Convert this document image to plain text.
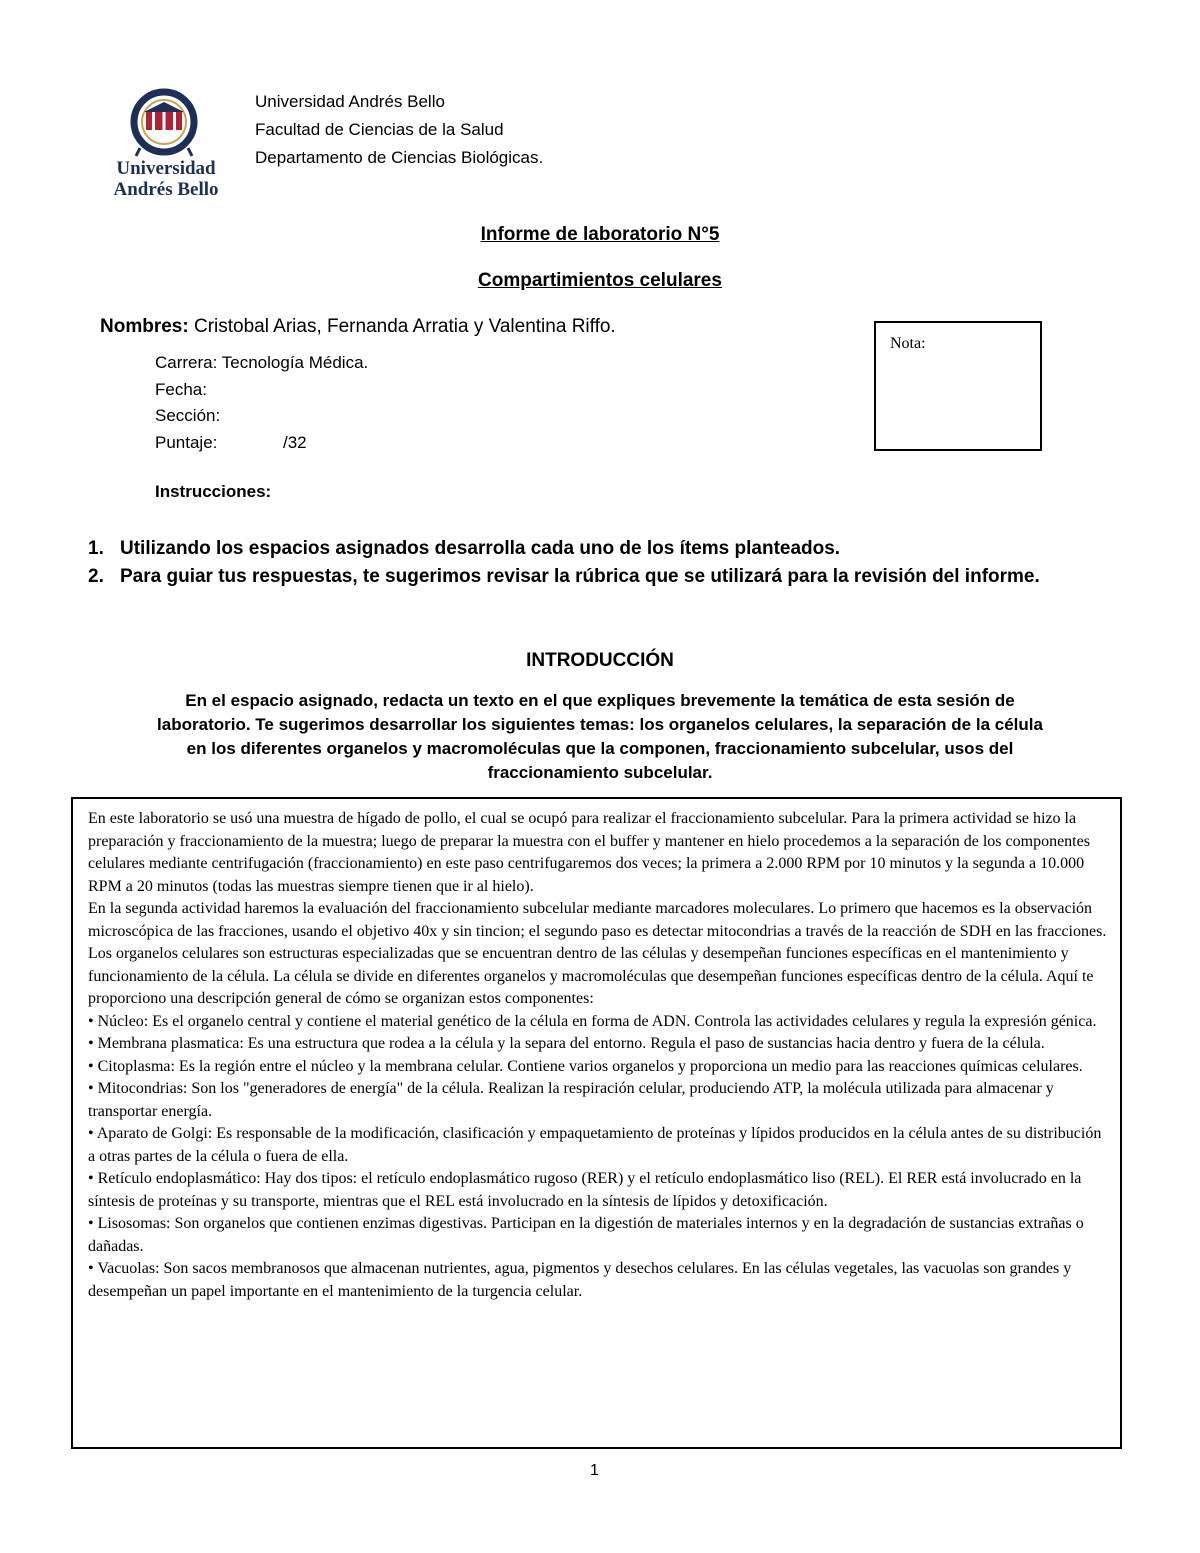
Universidad
Andrés Bello
Universidad Andrés Bello
Facultad de Ciencias de la Salud
Departamento de Ciencias Biológicas.
Informe de laboratorio N°5
Compartimientos celulares
Nombres: Cristobal Arias, Fernanda Arratia y Valentina Riffo.
Carrera: Tecnología Médica.
Fecha:
Sección:
Puntaje:	/32
Nota:
Instrucciones:
1. Utilizando los espacios asignados desarrolla cada uno de los ítems planteados.
2. Para guiar tus respuestas, te sugerimos revisar la rúbrica que se utilizará para la revisión del informe.
INTRODUCCIÓN
En el espacio asignado, redacta un texto en el que expliques brevemente la temática de esta sesión de laboratorio. Te sugerimos desarrollar los siguientes temas: los organelos celulares, la separación de la célula en los diferentes organelos y macromoléculas que la componen, fraccionamiento subcelular, usos del fraccionamiento subcelular.

En este laboratorio se usó una muestra de hígado de pollo, el cual se ocupó para realizar el fraccionamiento subcelular. Para la primera actividad se hizo la preparación y fraccionamiento de la muestra; luego de preparar la muestra con el buffer y mantener en hielo procedemos a la separación de los componentes celulares mediante centrifugación (fraccionamiento) en este paso centrifugaremos dos veces; la primera a 2.000 RPM por 10 minutos y la segunda a 10.000 RPM a 20 minutos (todas las muestras siempre tienen que ir al hielo).

En la segunda actividad haremos la evaluación del fraccionamiento subcelular mediante marcadores moleculares. Lo primero que hacemos es la observación microscópica de las fracciones, usando el objetivo 40x y sin tincion; el segundo paso es detectar mitocondrias a través de la reacción de SDH en las fracciones. Los organelos celulares son estructuras especializadas que se encuentran dentro de las células y desempeñan funciones específicas en el mantenimiento y funcionamiento de la célula. La célula se divide en diferentes organelos y macromoléculas que desempeñan funciones específicas dentro de la célula. Aquí te proporciono una descripción general de cómo se organizan estos componentes:

• Núcleo: Es el organelo central y contiene el material genético de la célula en forma de ADN. Controla las actividades celulares y regula la expresión génica.

• Membrana plasmatica: Es una estructura que rodea a la célula y la separa del entorno. Regula el paso de sustancias hacia dentro y fuera de la célula.

• Citoplasma: Es la región entre el núcleo y la membrana celular. Contiene varios organelos y proporciona un medio para las reacciones químicas celulares.

• Mitocondrias: Son los "generadores de energía" de la célula. Realizan la respiración celular, produciendo ATP, la molécula utilizada para almacenar y transportar energía.

• Aparato de Golgi: Es responsable de la modificación, clasificación y empaquetamiento de proteínas y lípidos producidos en la célula antes de su distribución a otras partes de la célula o fuera de ella.

• Retículo endoplasmático: Hay dos tipos: el retículo endoplasmático rugoso (RER) y el retículo endoplasmático liso (REL). El RER está involucrado en la síntesis de proteínas y su transporte, mientras que el REL está involucrado en la síntesis de lípidos y detoxificación.

• Lisosomas: Son organelos que contienen enzimas digestivas. Participan en la digestión de materiales internos y en la degradación de sustancias extrañas o dañadas.

• Vacuolas: Son sacos membranosos que almacenan nutrientes, agua, pigmentos y desechos celulares. En las células vegetales, las vacuolas son grandes y desempeñan un papel importante en el mantenimiento de la turgencia celular.

1
